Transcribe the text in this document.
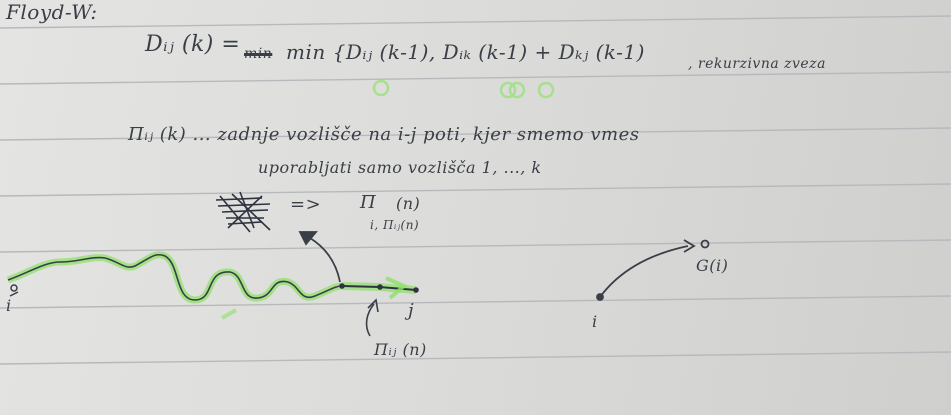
Floyd-W:
Dᵢⱼ (k) = min min {Dᵢⱼ (k-1), Dᵢₖ (k-1) + Dₖⱼ (k-1)	, rekurzivna zveza
Πᵢⱼ (k) ... zadnje vozlišče na i-j poti, kjer smemo vmes
uporabljati samo vozlišča 1, ..., k
=> Π (n)
i, Πᵢⱼ(n)
Πᵢⱼ (n)
i	j
G(i)
i
